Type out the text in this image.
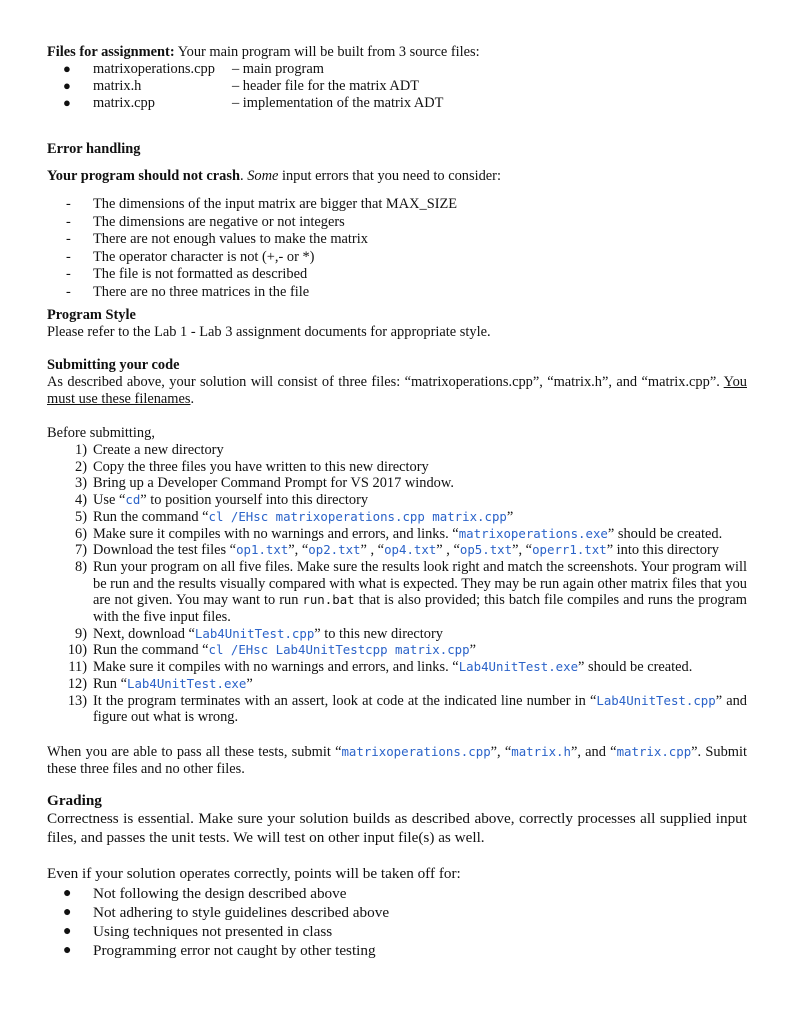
Files for assignment: Your main program will be built from 3 source files:
● matrixoperations.cpp – main program
● matrix.h	– header file for the matrix ADT
● matrix.cpp	– implementation of the matrix ADT
Error handling
Your program should not crash. Some input errors that you need to consider:
- The dimensions of the input matrix are bigger that MAX_SIZE
- The dimensions are negative or not integers
- There are not enough values to make the matrix
- The operator character is not (+,- or *)
- The file is not formatted as described
- There are no three matrices in the file
Program Style
Please refer to the Lab 1 - Lab 3 assignment documents for appropriate style.
Submitting your code

As described above, your solution will consist of three files: “matrixoperations.cpp”, “matrix.h”, and “matrix.cpp”. You must use these filenames.

Before submitting,
1) Create a new directory
2) Copy the three files you have written to this new directory
3) Bring up a Developer Command Prompt for VS 2017 window.
4) Use “cd” to position yourself into this directory
5) Run the command “cl /EHsc matrixoperations.cpp matrix.cpp”
6) Make sure it compiles with no warnings and errors, and links. “matrixoperations.exe” should be created.
7) Download the test files “op1.txt”, “op2.txt” , “op4.txt” , “op5.txt”, “operr1.txt” into this directory
8) Run your program on all five files. Make sure the results look right and match the screenshots. Your program will be run and the results visually compared with what is expected. They may be run again other matrix files that you are not given. You may want to run run.bat that is also provided; this batch file compiles and runs the program with the five input files.
9) Next, download “Lab4UnitTest.cpp” to this new directory
10) Run the command “cl /EHsc Lab4UnitTestcpp matrix.cpp”
11) Make sure it compiles with no warnings and errors, and links. “Lab4UnitTest.exe” should be created.
12) Run “Lab4UnitTest.exe”
13) It the program terminates with an assert, look at code at the indicated line number in “Lab4UnitTest.cpp” and figure out what is wrong.

When you are able to pass all these tests, submit “matrixoperations.cpp”, “matrix.h”, and “matrix.cpp”. Submit these three files and no other files.

Grading

Correctness is essential. Make sure your solution builds as described above, correctly processes all supplied input files, and passes the unit tests. We will test on other input file(s) as well.

Even if your solution operates correctly, points will be taken off for:
● Not following the design described above
● Not adhering to style guidelines described above
● Using techniques not presented in class
● Programming error not caught by other testing
